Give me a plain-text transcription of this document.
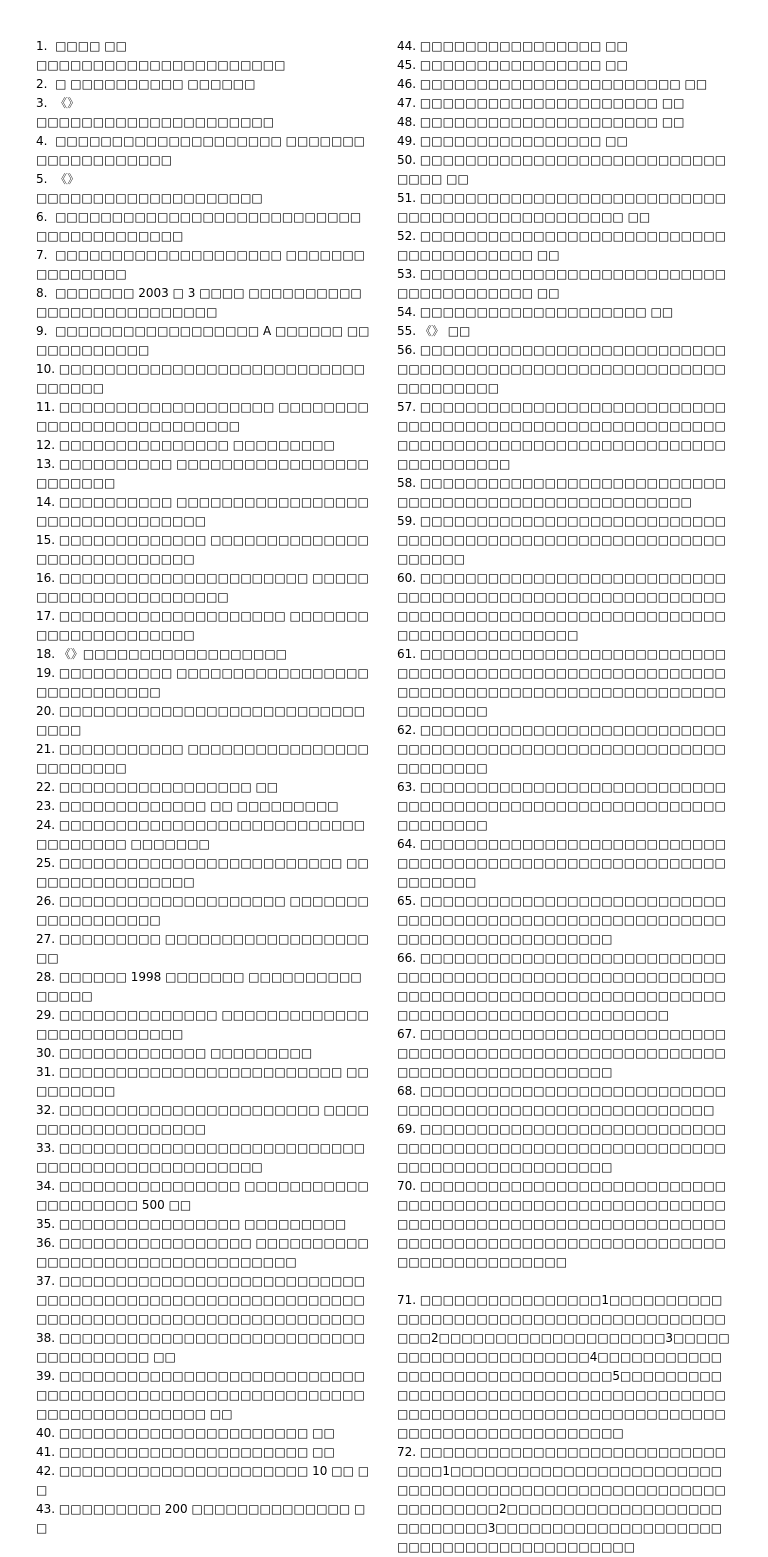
1.  □□□□ □□
□□□□□□□□□□□□□□□□□□□□□□
2.  □ □□□□□□□□□□ □□□□□□
3.  《》
□□□□□□□□□□□□□□□□□□□□□
4.  □□□□□□□□□□□□□□□□□□□□ □□□□□□□□□□□□□□□□□□□
5.  《》
□□□□□□□□□□□□□□□□□□□□
6.  □□□□□□□□□□□□□□□□□□□□□□□□□□□□□□□□□□□□□□□□
7.  □□□□□□□□□□□□□□□□□□□□ □□□□□□□□□□□□□□□
8.  □□□□□□□ 2003 □ 3 □□□□ □□□□□□□□□□□□□□□□□□□□□□□□□□
9.  □□□□□□□□□□□□□□□□□□ A □□□□□□ □□□□□□□□□□□□
10. □□□□□□□□□□□□□□□□□□□□□□□□□□□ □□□□□□
11. □□□□□□□□□□□□□□□□□□□ □□□□□□□□□□□□□□□□□□□□□□□□□□
12. □□□□□□□□□□□□□□□ □□□□□□□□□
13. □□□□□□□□□□ □□□□□□□□□□□□□□□□□□□□□□□□
14. □□□□□□□□□□ □□□□□□□□□□□□□□□□□□□□□□□□□□□□□□□□
15. □□□□□□□□□□□□□ □□□□□□□□□□□□□□□□□□□□□□□□□□□□
16. □□□□□□□□□□□□□□□□□□□□□□ □□□□□□□□□□□□□□□□□□□□□□
17. □□□□□□□□□□□□□□□□□□□□ □□□□□□□□□□□□□□□□□□□□□
18. 《》□□□□□□□□□□□□□□□□□□
19. □□□□□□□□□□ □□□□□□□□□□□□□□□□□□□□□□□□□□□□
20. □□□□□□□□□□□□□□□□□□□□□□□□□□□□□□□
21. □□□□□□□□□□□ □□□□□□□□□□□□□□□□□□□□□□□□
22. □□□□□□□□□□□□□□□□□ □□
23. □□□□□□□□□□□□□ □□ □□□□□□□□□
24. □□□□□□□□□□□□□□□□□□□□□□□□□□□□□□□□□□□ □□□□□□□
25. □□□□□□□□□□□□□□□□□□□□□□□□□ □□□□□□□□□□□□□□□□
26. □□□□□□□□□□□□□□□□□□□□ □□□□□□□□□□□□□□□□□□
27. □□□□□□□□□ □□□□□□□□□□□□□□□□□□□□
28. □□□□□□ 1998 □□□□□□□ □□□□□□□□□□□□□□□
29. □□□□□□□□□□□□□□ □□□□□□□□□□□□□□□□□□□□□□□□□□
30. □□□□□□□□□□□□□ □□□□□□□□□
31. □□□□□□□□□□□□□□□□□□□□□□□□□ □□□□□□□□□
32. □□□□□□□□□□□□□□□□□□□□□□□ □□□□□□□□□□□□□□□□□□□
33. □□□□□□□□□□□□□□□□□□□□□□□□□□□□□□□□□□□□□□□□□□□□□□□
34. □□□□□□□□□□□□□□□□ □□□□□□□□□□□□□□□□□□□□ 500 □□
35. □□□□□□□□□□□□□□□□ □□□□□□□□□
36. □□□□□□□□□□□□□□□□□ □□□□□□□□□□□□□□□□□□□□□□□□□□□□□□□□□
37. □□□□□□□□□□□□□□□□□□□□□□□□□□□□□□□□□□□□□□□□□□□□□□□□□□□□□□□□□□□□□□□□□□□□□□□□□□□□□□□□□□□□□
38. □□□□□□□□□□□□□□□□□□□□□□□□□□□□□□□□□□□□□ □□
39. □□□□□□□□□□□□□□□□□□□□□□□□□□□□□□□□□□□□□□□□□□□□□□□□□□□□□□□□□□□□□□□□□□□□□□□ □□
40. □□□□□□□□□□□□□□□□□□□□□□ □□
41. □□□□□□□□□□□□□□□□□□□□□□ □□
42. □□□□□□□□□□□□□□□□□□□□□□ 10 □□ □□
43. □□□□□□□□□ 200 □□□□□□□□□□□□□□ □□
44. □□□□□□□□□□□□□□□□ □□
45. □□□□□□□□□□□□□□□□ □□
46. □□□□□□□□□□□□□□□□□□□□□□□ □□
47. □□□□□□□□□□□□□□□□□□□□□ □□
48. □□□□□□□□□□□□□□□□□□□□□ □□
49. □□□□□□□□□□□□□□□□ □□
50. □□□□□□□□□□□□□□□□□□□□□□□□□□□□□□□ □□
51. □□□□□□□□□□□□□□□□□□□□□□□□□□□□□□□□□□□□□□□□□□□□□□□ □□
52. □□□□□□□□□□□□□□□□□□□□□□□□□□□□□□□□□□□□□□□ □□
53. □□□□□□□□□□□□□□□□□□□□□□□□□□□□□□□□□□□□□□□ □□
54. □□□□□□□□□□□□□□□□□□□□ □□
55. 《》 □□
56. □□□□□□□□□□□□□□□□□□□□□□□□□□□□□□□□□□□□□□□□□□□□□□□□□□□□□□□□□□□□□□□□□
57. □□□□□□□□□□□□□□□□□□□□□□□□□□□□□□□□□□□□□□□□□□□□□□□□□□□□□□□□□□□□□□□□□□□□□□□□□□□□□□□□□□□□□□□□□□□□□□□
58. □□□□□□□□□□□□□□□□□□□□□□□□□□□□□□□□□□□□□□□□□□□□□□□□□□□□□
59. □□□□□□□□□□□□□□□□□□□□□□□□□□□□□□□□□□□□□□□□□□□□□□□□□□□□□□□□□□□□□□
60. □□□□□□□□□□□□□□□□□□□□□□□□□□□□□□□□□□□□□□□□□□□□□□□□□□□□□□□□□□□□□□□□□□□□□□□□□□□□□□□□□□□□□□□□□□□□□□□□□□□□□
61. □□□□□□□□□□□□□□□□□□□□□□□□□□□□□□□□□□□□□□□□□□□□□□□□□□□□□□□□□□□□□□□□□□□□□□□□□□□□□□□□□□□□□□□□□□□□□
62. □□□□□□□□□□□□□□□□□□□□□□□□□□□□□□□□□□□□□□□□□□□□□□□□□□□□□□□□□□□□□□□□
63. □□□□□□□□□□□□□□□□□□□□□□□□□□□□□□□□□□□□□□□□□□□□□□□□□□□□□□□□□□□□□□□□
64. □□□□□□□□□□□□□□□□□□□□□□□□□□□□□□□□□□□□□□□□□□□□□□□□□□□□□□□□□□□□□□□
65. □□□□□□□□□□□□□□□□□□□□□□□□□□□□□□□□□□□□□□□□□□□□□□□□□□□□□□□□□□□□□□□□□□□□□□□□□□□
66. □□□□□□□□□□□□□□□□□□□□□□□□□□□□□□□□□□□□□□□□□□□□□□□□□□□□□□□□□□□□□□□□□□□□□□□□□□□□□□□□□□□□□□□□□□□□□□□□□□□□□□□□□□□□□
67. □□□□□□□□□□□□□□□□□□□□□□□□□□□□□□□□□□□□□□□□□□□□□□□□□□□□□□□□□□□□□□□□□□□□□□□□□□□
68. □□□□□□□□□□□□□□□□□□□□□□□□□□□□□□□□□□□□□□□□□□□□□□□□□□□□□□□
69. □□□□□□□□□□□□□□□□□□□□□□□□□□□□□□□□□□□□□□□□□□□□□□□□□□□□□□□□□□□□□□□□□□□□□□□□□□□
70. □□□□□□□□□□□□□□□□□□□□□□□□□□□□□□□□□□□□□□□□□□□□□□□□□□□□□□□□□□□□□□□□□□□□□□□□□□□□□□□□□□□□□□□□□□□□□□□□□□□□□□□□□□□□□□□□□□□□□□□□□□□□□□□□□
71. □□□□□□□□□□□□□□□□1□□□□□□□□□□□□□□□□□□□□□□□□□□□□□□□□□□□□□□□□□□2□□□□□□□□□□□□□□□□□□□□3□□□□□□□□□□□□□□□□□□□□□□4□□□□□□□□□□□□□□□□□□□□□□□□□□□□□□5□□□□□□□□□□□□□□□□□□□□□□□□□□□□□□□□□□□□□□□□□□□□□□□□□□□□□□□□□□□□□□□□□□□□□□□□□□□□□□□□□□□□□□□
72. □□□□□□□□□□□□□□□□□□□□□□□□□□□□□□□1□□□□□□□□□□□□□□□□□□□□□□□□□□□□□□□□□□□□□□□□□□□□□□□□□□□□□□□□□□□□□□2□□□□□□□□□□□□□□□□□□□□□□□□□□□3□□□□□□□□□□□□□□□□□□□□□□□□□□□□□□□□□□□□□□□□□
